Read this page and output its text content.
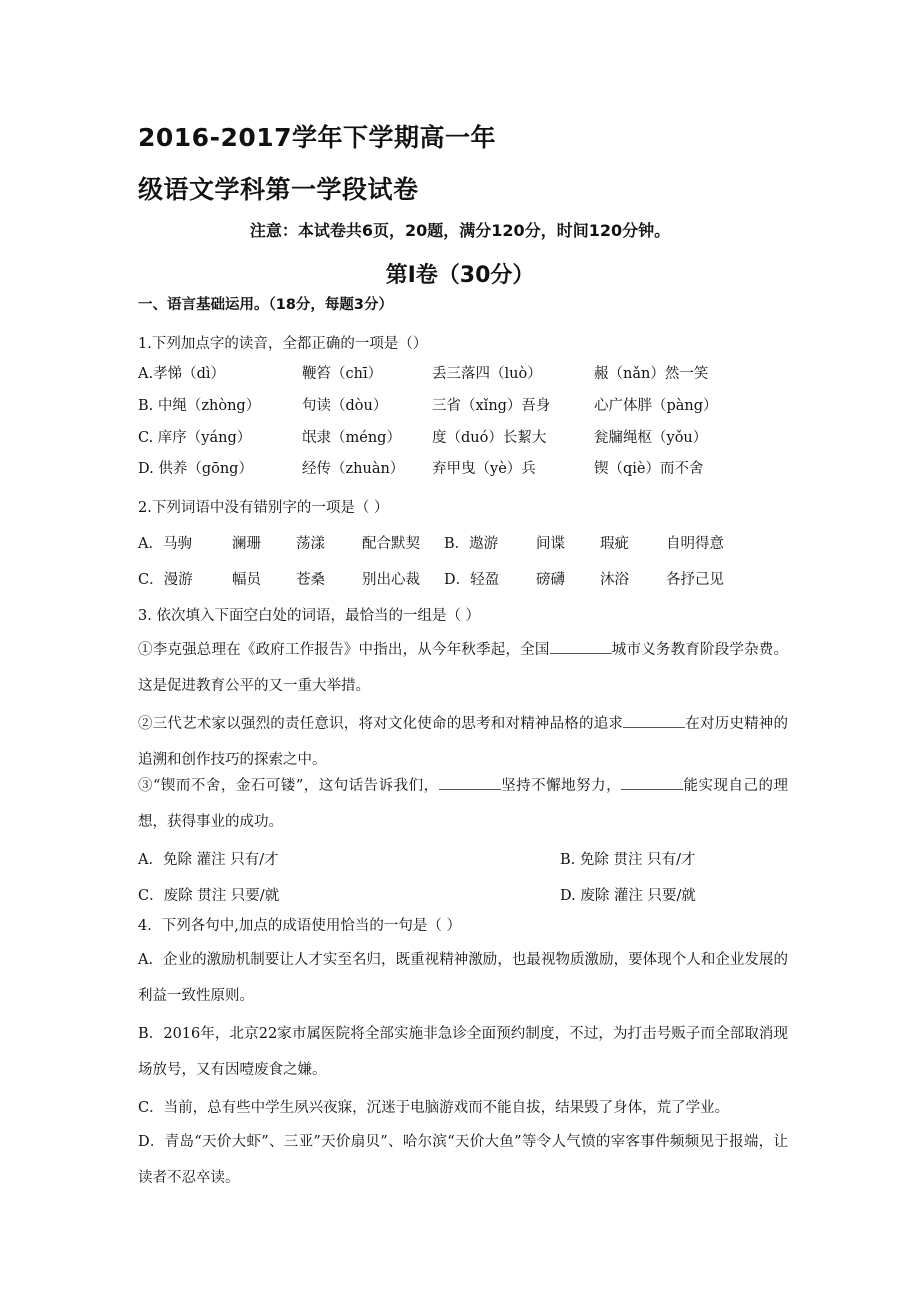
2016-2017学年下学期高一年
级语文学科第一学段试卷
注意：本试卷共6页，20题，满分120分，时间120分钟。
第I卷（30分）
一、语言基础运用。（18分，每题3分）
1.下列加点字的读音，全都正确的一项是（）
A.孝悌（dì）	鞭笞（chī）	丢三落四（luò）	赧（nǎn）然一笑
B. 中绳（zhòng）	句读（dòu）	三省（xǐng）吾身	心广体胖（pàng）
C. 庠序（yáng）	氓隶（méng） 度（duó）长絜大	瓮牖绳枢（yǒu）
D. 供养（gōng）	经传（zhuàn） 弃甲曳（yè）兵	锲（qiè）而不舍
2.下列词语中没有错别字的一项是（ ）
A．马驹	澜珊 荡漾	配合默契 B．遨游	间谍 瑕疵	自明得意
C．漫游	幅员 苍桑	别出心裁 D．轻盈	磅礴 沐浴	各抒己见
3. 依次填入下面空白处的词语，最恰当的一组是（ ）
①李克强总理在《政府工作报告》中指出，从今年秋季起，全国	城市义务教育阶段学杂费。这是促进教育公平的又一重大举措。
②三代艺术家以强烈的责任意识，将对文化使命的思考和对精神品格的追求	在对历史精神的追溯和创作技巧的探索之中。
③“锲而不舍，金石可镂”，这句话告诉我们，	坚持不懈地努力，	能实现自己的理想，获得事业的成功。
A．免除 灌注 只有/才	B. 免除 贯注 只有/才
C．废除 贯注 只要/就	D. 废除 灌注 只要/就
4．下列各句中,加点的成语使用恰当的一句是（ ）
A．企业的激励机制要让人才实至名归，既重视精神激励，也最视物质激励，要体现个人和企业发展的利益一致性原则。
B．2016年，北京22家市属医院将全部实施非急诊全面预约制度，不过，为打击号贩子而全部取消现场放号，又有因噎废食之嫌。
C．当前，总有些中学生夙兴夜寐，沉迷于电脑游戏而不能自拔，结果毁了身体，荒了学业。
D．青岛“天价大虾”、三亚”天价扇贝”、哈尔滨“天价大鱼”等令人气愤的宰客事件频频见于报端，让读者不忍卒读。
